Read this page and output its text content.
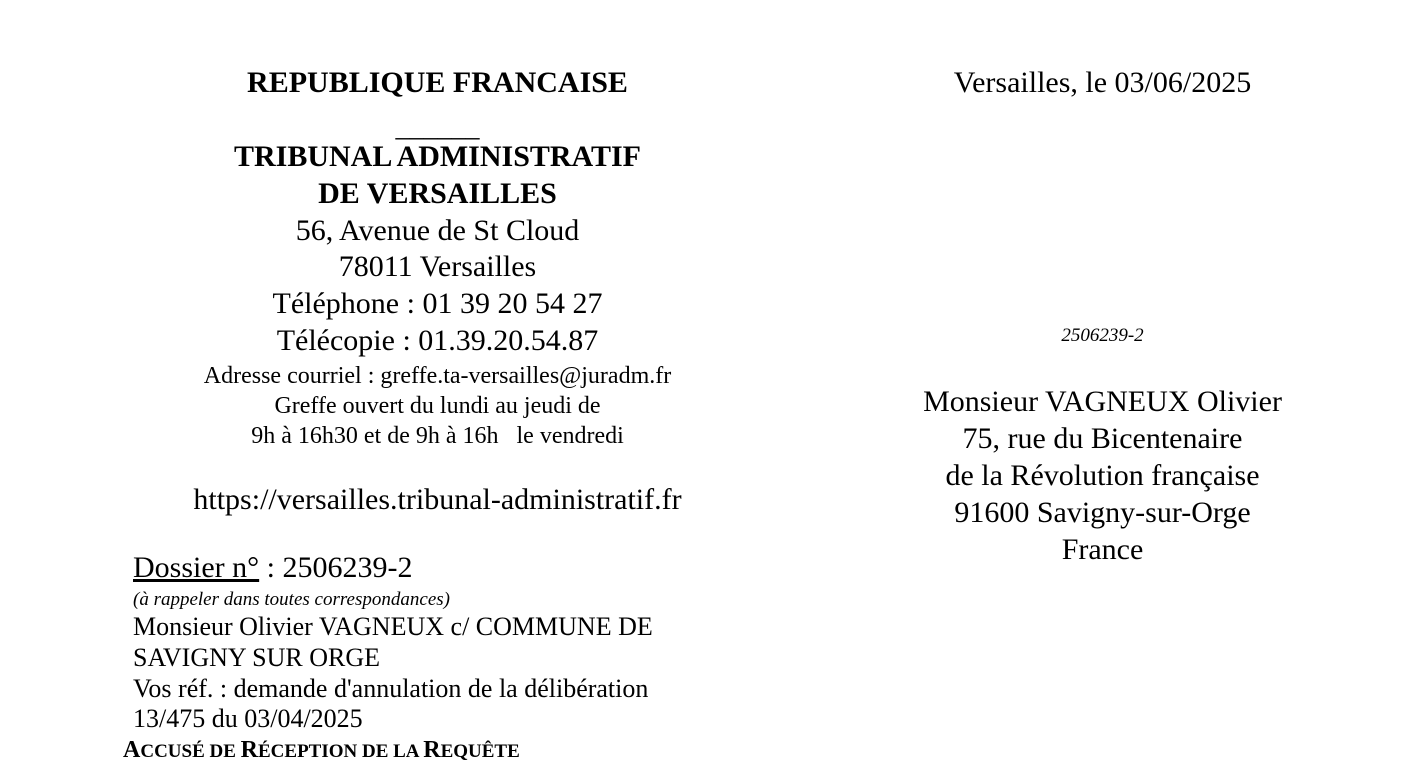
REPUBLIQUE FRANCAISE
______
TRIBUNAL ADMINISTRATIF
DE VERSAILLES
56, Avenue de St Cloud
78011 Versailles
Téléphone : 01 39 20 54 27
Télécopie : 01.39.20.54.87
Adresse courriel : greffe.ta-versailles@juradm.fr
Greffe ouvert du lundi au jeudi de
9h à 16h30 et de 9h à 16h   le vendredi
https://versailles.tribunal-administratif.fr
Dossier n° : 2506239-2
(à rappeler dans toutes correspondances)
Monsieur Olivier VAGNEUX c/ COMMUNE DE
SAVIGNY SUR ORGE
Vos réf. : demande d'annulation de la délibération
13/475 du 03/04/2025
ACCUSÉ DE RÉCEPTION DE LA REQUÊTE
Versailles, le 03/06/2025
2506239-2
Monsieur VAGNEUX Olivier
75, rue du Bicentenaire
de la Révolution française
91600 Savigny-sur-Orge
France
